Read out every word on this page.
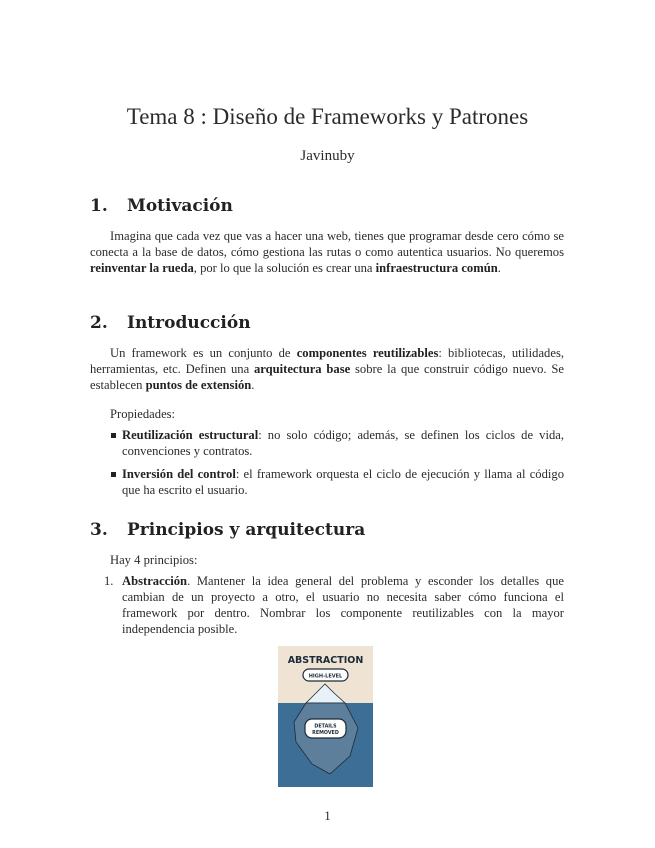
Tema 8 : Diseño de Frameworks y Patrones
Javinuby
1. Motivación
Imagina que cada vez que vas a hacer una web, tienes que programar desde cero cómo se conecta a la base de datos, cómo gestiona las rutas o como autentica usuarios. No queremos reinventar la rueda, por lo que la solución es crear una infraestructura común.
2. Introducción
Un framework es un conjunto de componentes reutilizables: bibliotecas, utilidades, herramientas, etc. Definen una arquitectura base sobre la que construir código nuevo. Se establecen puntos de extensión.
Propiedades:
Reutilización estructural: no solo código; además, se definen los ciclos de vida, convenciones y contratos.
Inversión del control: el framework orquesta el ciclo de ejecución y llama al código que ha escrito el usuario.
3. Principios y arquitectura
Hay 4 principios:
1. Abstracción. Mantener la idea general del problema y esconder los detalles que cambian de un proyecto a otro, el usuario no necesita saber cómo funciona el framework por dentro. Nombrar los componente reutilizables con la mayor independencia posible.
ABSTRACTION
HIGH-LEVEL
DETAILS
REMOVED
1
